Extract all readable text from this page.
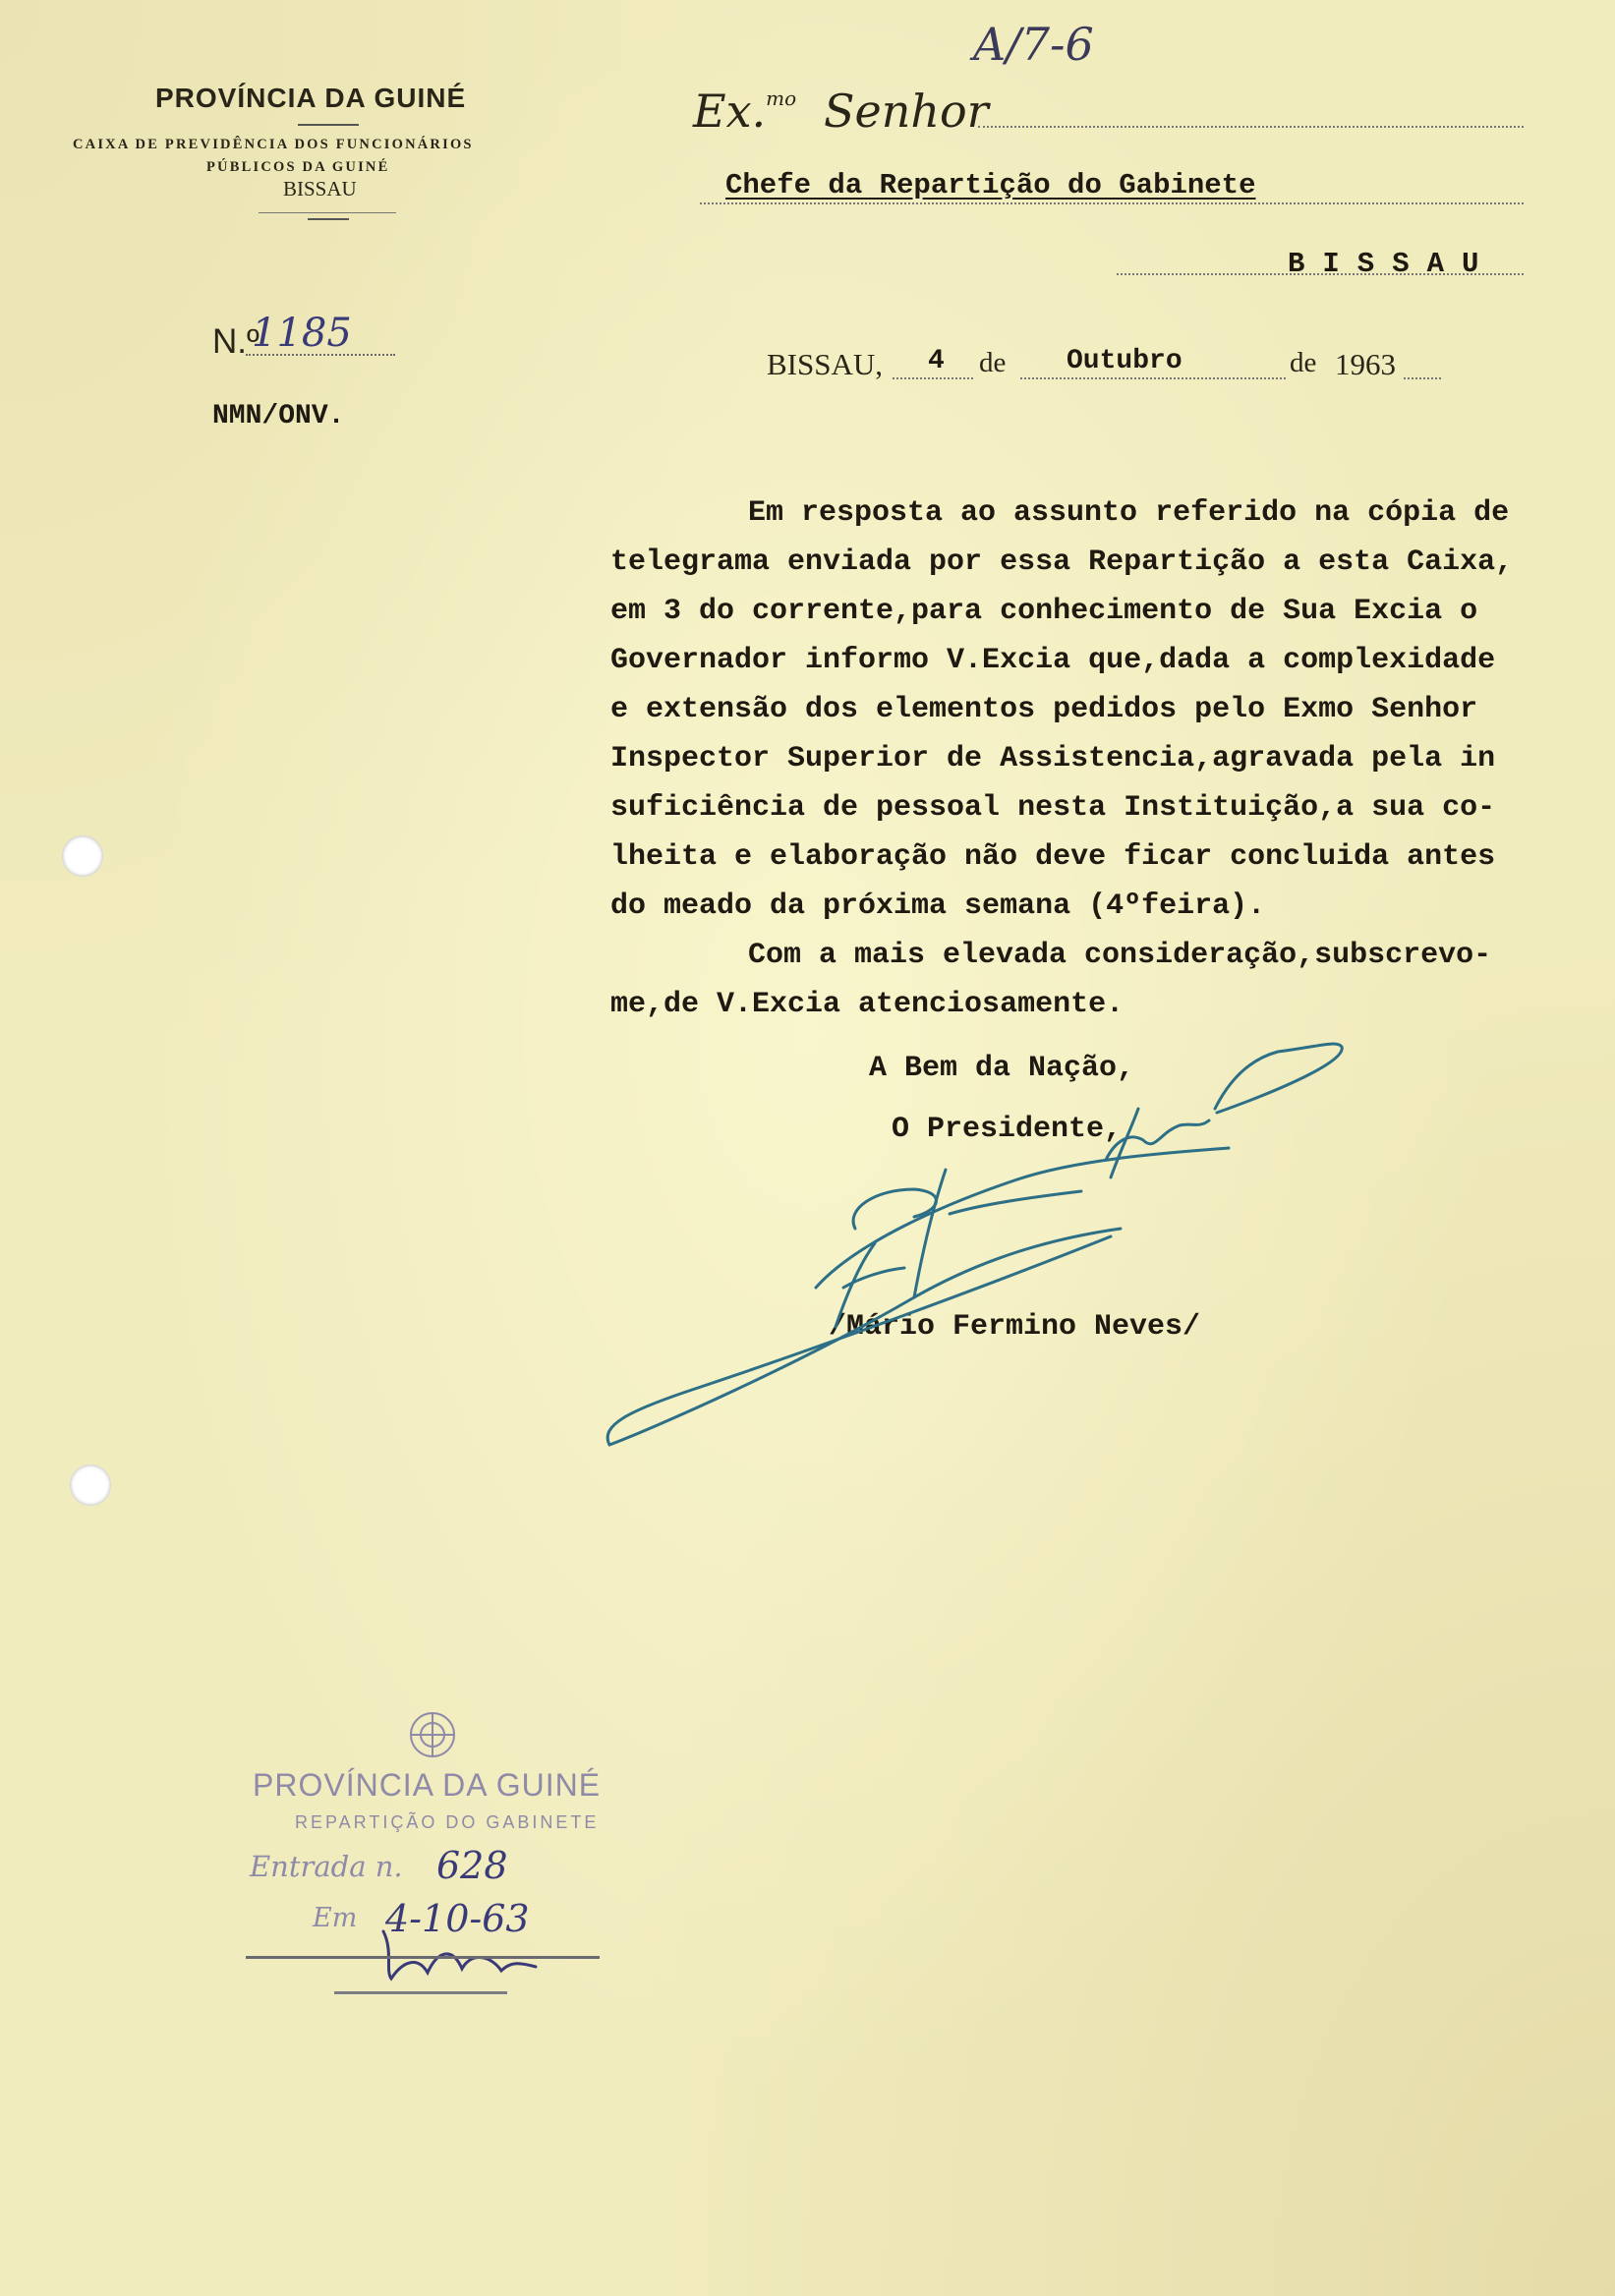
A/7-6
PROVÍNCIA DA GUINÉ
CAIXA DE PREVIDÊNCIA DOS FUNCIONÁRIOS
PÚBLICOS DA GUINÉ
BISSAU
N.º
1185
NMN/ONV.
Ex.$^{mo}$ Senhor
Chefe da Repartição do Gabinete
BISSAU
BISSAU, 4 de Outubro	de 1963
Em resposta ao assunto referido na cópia de
telegrama enviada por essa Repartição a esta Caixa,
em 3 do corrente,para conhecimento de Sua Excia o
Governador informo V.Excia que,dada a complexidade
e extensão dos elementos pedidos pelo Exmo Senhor
Inspector Superior de Assistencia,agravada pela in
suficiência de pessoal nesta Instituição,a sua co-
lheita e elaboração não deve ficar concluida antes
do meado da próxima semana (4ºfeira).
Com a mais elevada consideração,subscrevo-
me,de V.Excia atenciosamente.
A Bem da Nação,
O Presidente,
/Mário Fermino Neves/
PROVÍNCIA DA GUINÉ
REPARTIÇÃO DO GABINETE
Entrada n.
Em
628
4-10-63
